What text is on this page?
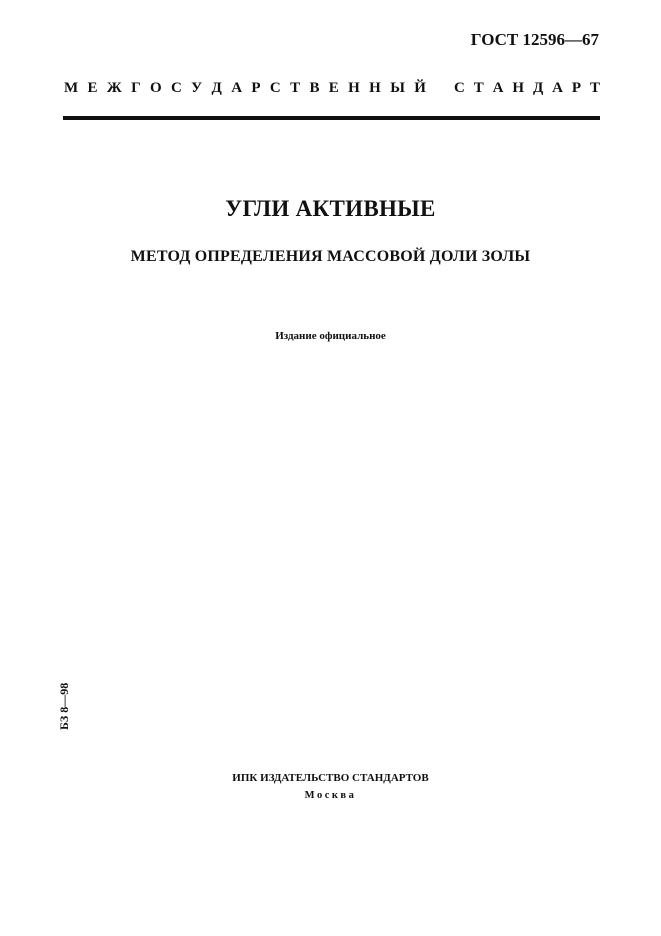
ГОСТ 12596—67
М Е Ж Г О С У Д А Р С Т В Е Н Н Ы Й С Т А Н Д А Р Т
УГЛИ АКТИВНЫЕ
МЕТОД ОПРЕДЕЛЕНИЯ МАССОВОЙ ДОЛИ ЗОЛЫ
Издание официальное
БЗ 8—98
ИПК ИЗДАТЕЛЬСТВО СТАНДАРТОВ
Москва
